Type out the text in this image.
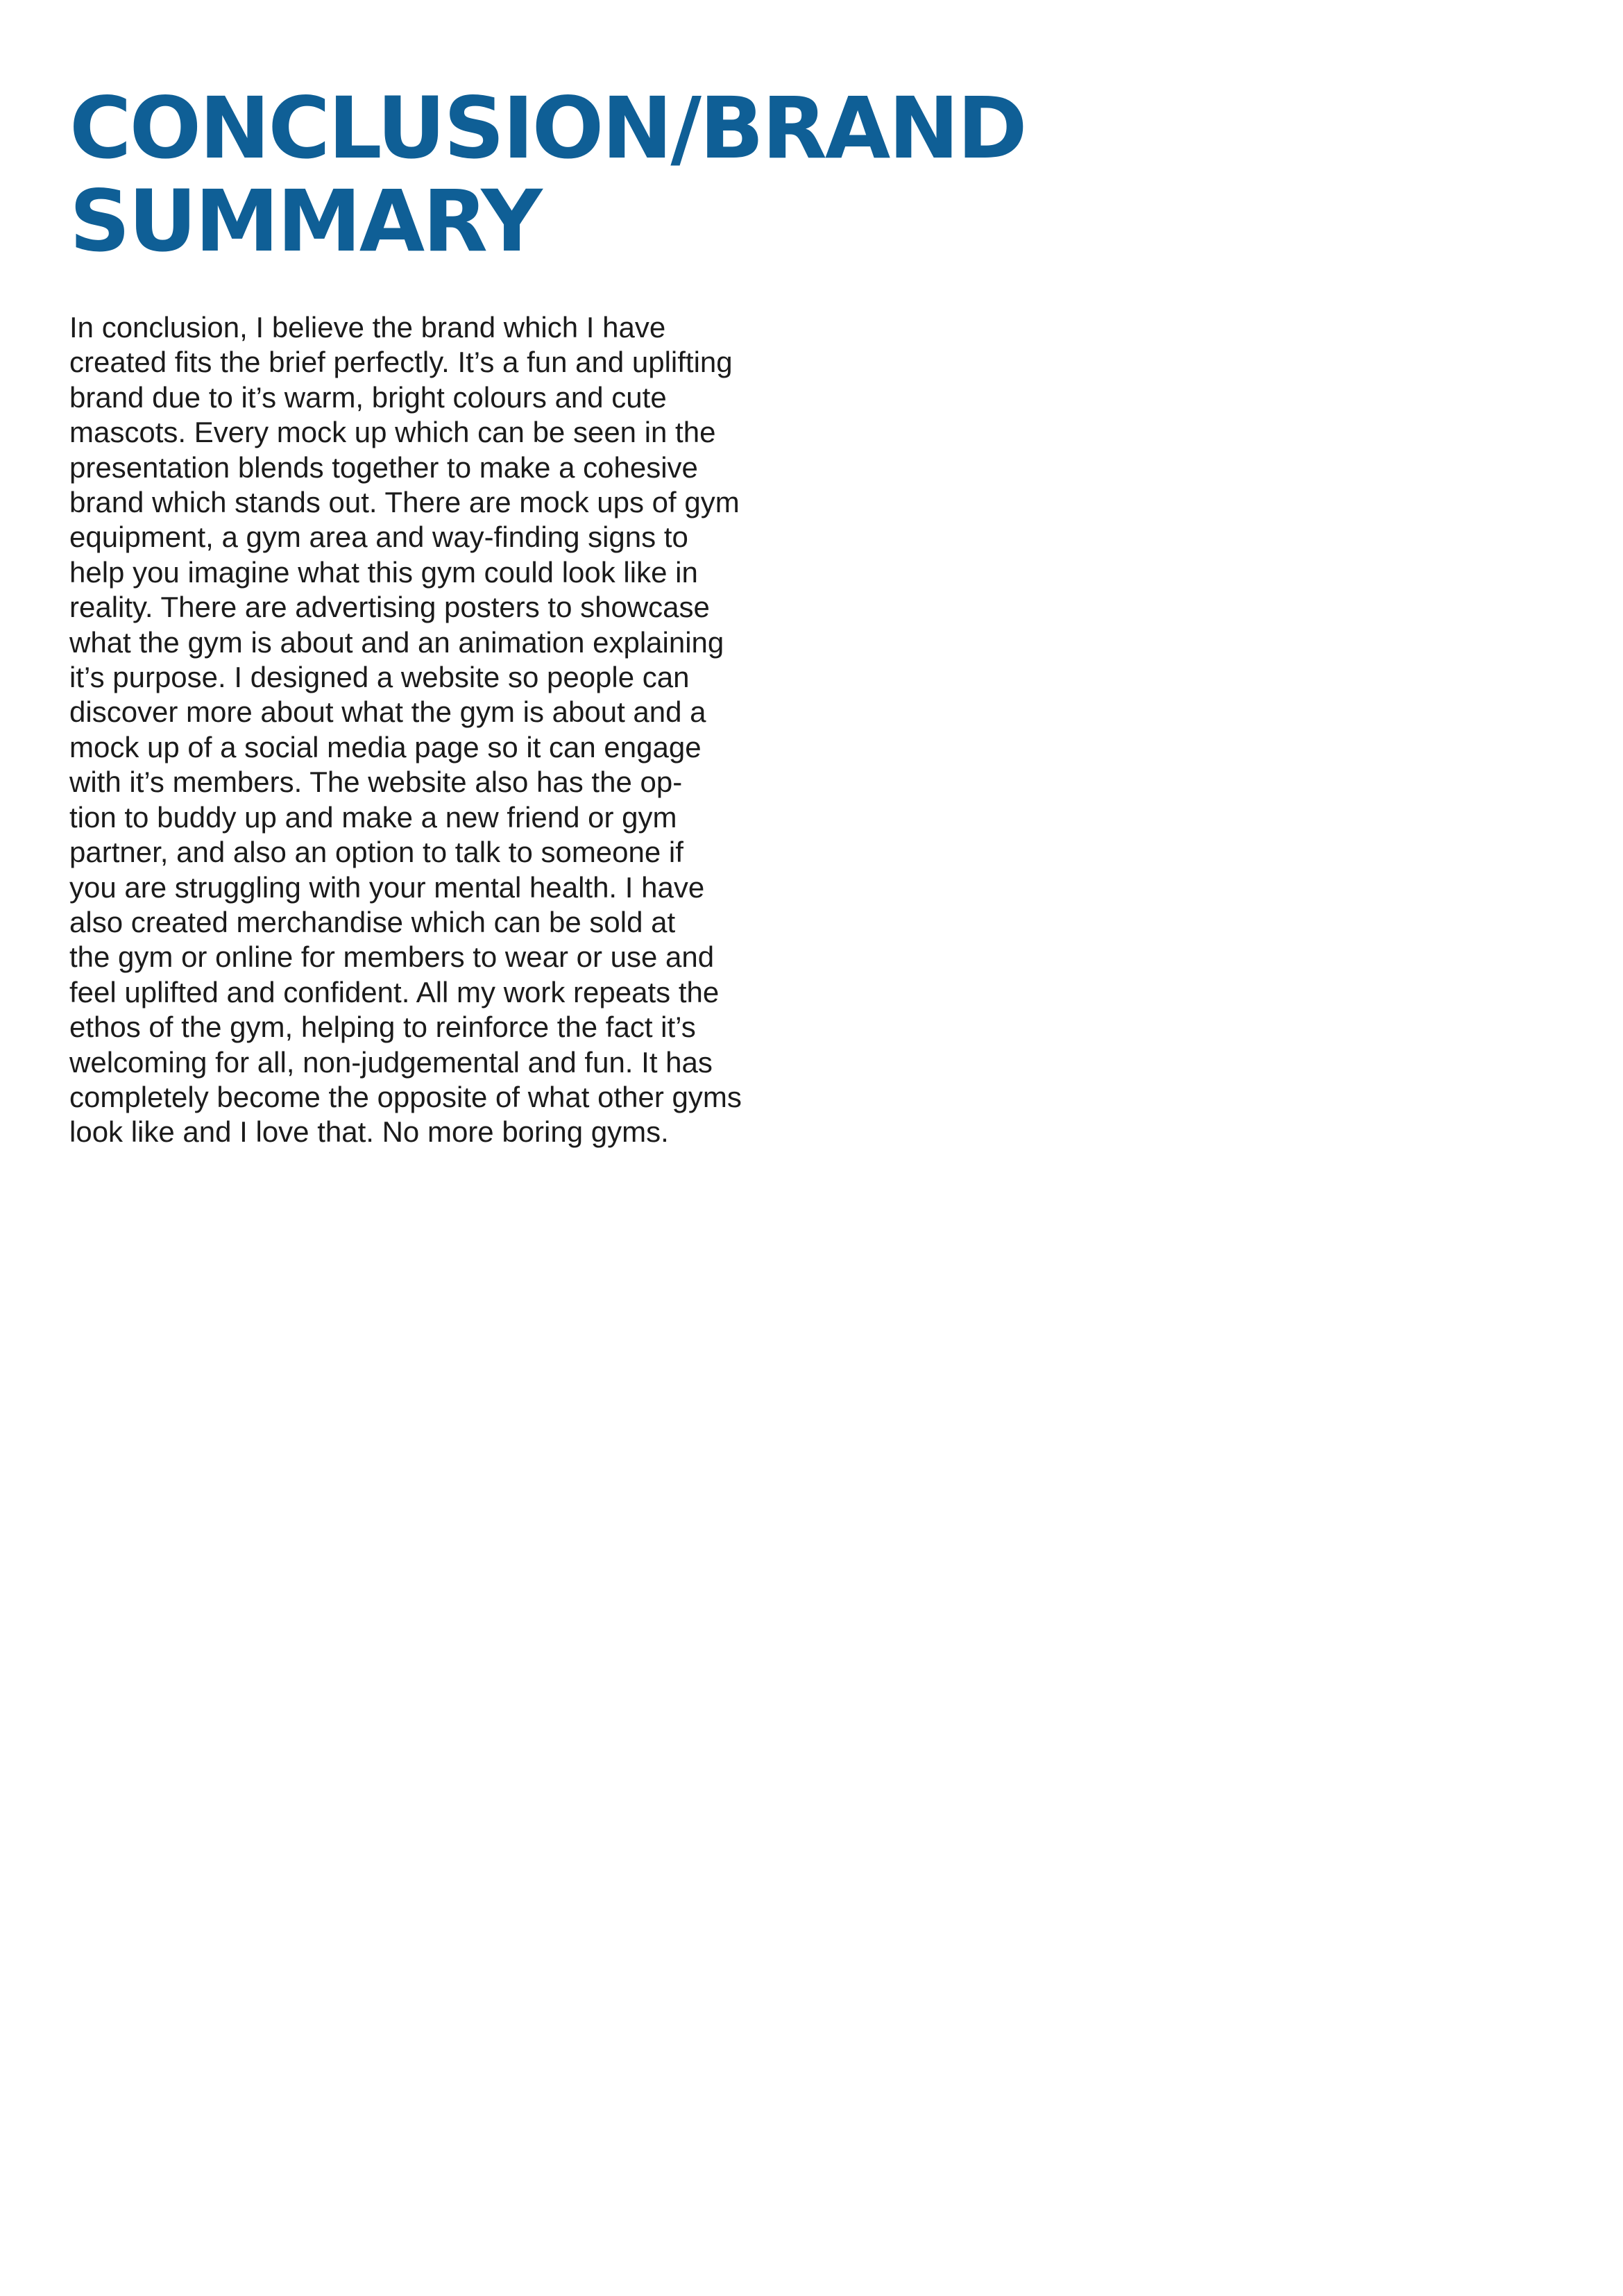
CONCLUSION/BRAND
SUMMARY
In conclusion, I believe the brand which I have
created fits the brief perfectly. It’s a fun and uplifting
brand due to it’s warm, bright colours and cute
mascots. Every mock up which can be seen in the
presentation blends together to make a cohesive
brand which stands out. There are mock ups of gym
equipment, a gym area and way-finding signs to
help you imagine what this gym could look like in
reality. There are advertising posters to showcase
what the gym is about and an animation explaining
it’s purpose. I designed a website so people can
discover more about what the gym is about and a
mock up of a social media page so it can engage
with it’s members. The website also has the op-
tion to buddy up and make a new friend or gym
partner, and also an option to talk to someone if
you are struggling with your mental health. I have
also created merchandise which can be sold at
the gym or online for members to wear or use and
feel uplifted and confident. All my work repeats the
ethos of the gym, helping to reinforce the fact it’s
welcoming for all, non-judgemental and fun. It has
completely become the opposite of what other gyms
look like and I love that. No more boring gyms.
